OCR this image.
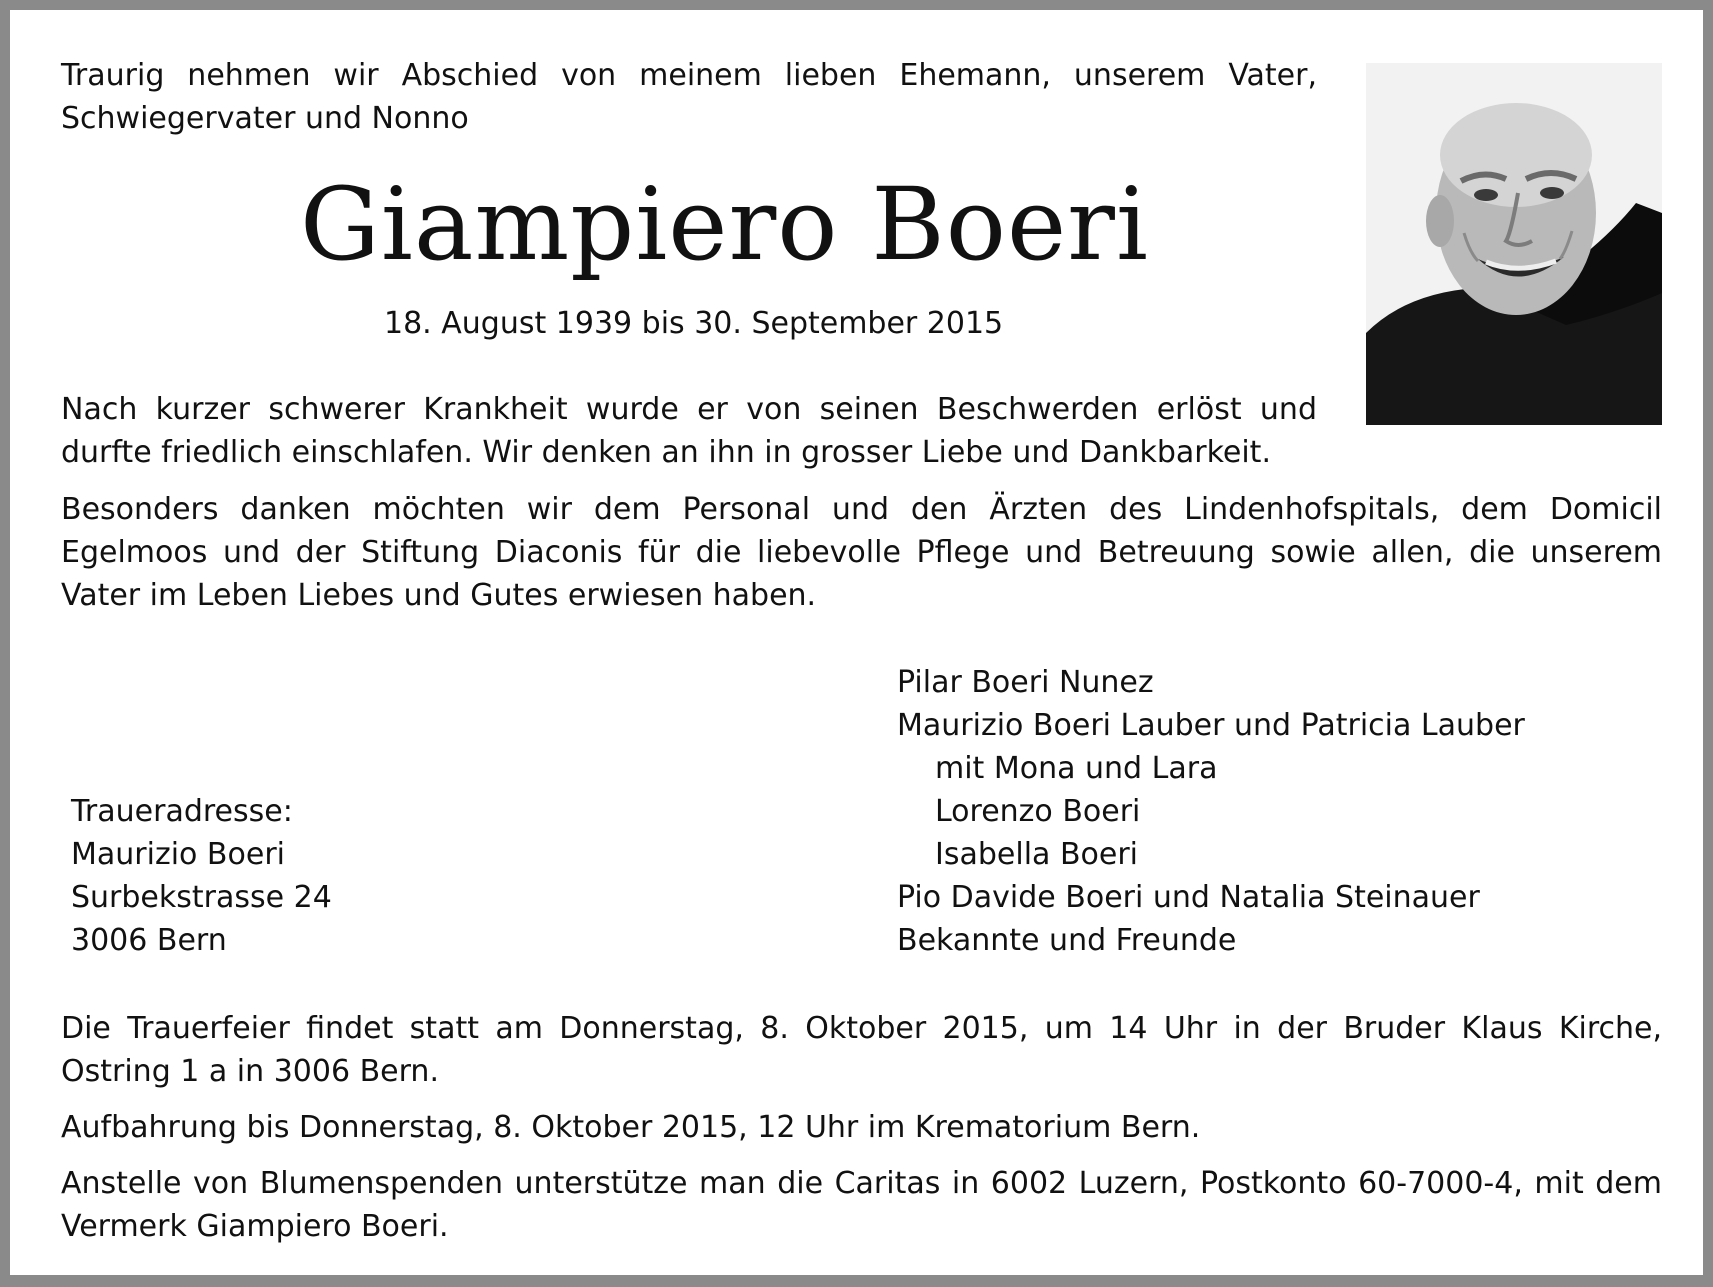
Traurig nehmen wir Abschied von meinem lieben Ehemann, unserem Vater, Schwiegervater und Nonno

Giampiero Boeri

18. August 1939 bis 30. September 2015

Nach kurzer schwerer Krankheit wurde er von seinen Beschwerden erlöst und durfte friedlich einschlafen. Wir denken an ihn in grosser Liebe und Dankbarkeit.

Besonders danken möchten wir dem Personal und den Ärzten des Lindenhofspitals, dem Domicil Egelmoos und der Stiftung Diaconis für die liebevolle Pflege und Betreuung sowie allen, die unserem Vater im Leben Liebes und Gutes erwiesen haben.

Pilar Boeri Nunez
Maurizio Boeri Lauber und Patricia Lauber
mit Mona und Lara
Lorenzo Boeri
Isabella Boeri
Pio Davide Boeri und Natalia Steinauer
Bekannte und Freunde
Traueradresse:
Maurizio Boeri
Surbekstrasse 24
3006 Bern

Die Trauerfeier findet statt am Donnerstag, 8. Oktober 2015, um 14 Uhr in der Bruder Klaus Kirche, Ostring 1 a in 3006 Bern.

Aufbahrung bis Donnerstag, 8. Oktober 2015, 12 Uhr im Krematorium Bern.

Anstelle von Blumenspenden unterstütze man die Caritas in 6002 Luzern, Postkonto 60-7000-4, mit dem Vermerk Giampiero Boeri.
